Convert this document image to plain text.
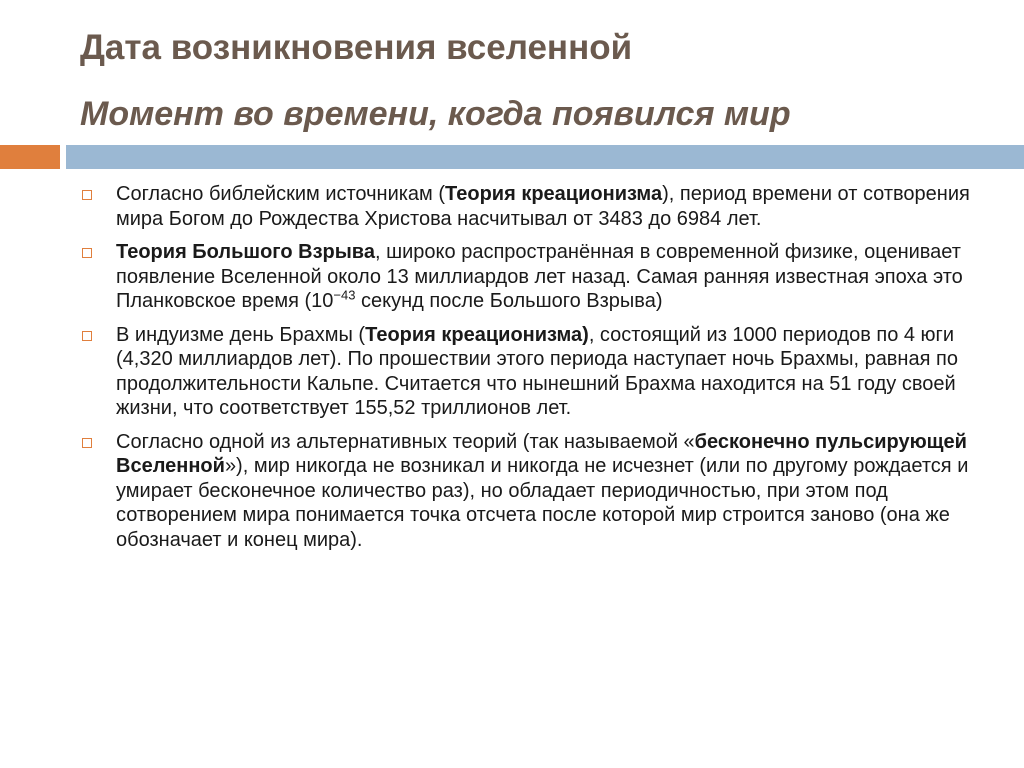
Дата возникновения вселенной
Момент во времени, когда появился мир
Согласно библейским источникам (Теория креационизма), период времени от сотворения мира Богом до Рождества Христова насчитывал от 3483 до 6984 лет.
Теория Большого Взрыва, широко распространённая в современной физике, оценивает появление Вселенной около 13 миллиардов лет назад. Самая ранняя известная эпоха это Планковское время ($10^{-43}$ секунд после Большого Взрыва)
В индуизме день Брахмы (Теория креационизма), состоящий из 1000 периодов по 4 юги (4,320 миллиардов лет). По прошествии этого периода наступает ночь Брахмы, равная по продолжительности Кальпе. Считается что нынешний Брахма находится на 51 году своей жизни, что соответствует 155,52 триллионов лет.
Согласно одной из альтернативных теорий (так называемой «бесконечно пульсирующей Вселенной»), мир никогда не возникал и никогда не исчезнет (или по другому рождается и умирает бесконечное количество раз), но обладает периодичностью, при этом под сотворением мира понимается точка отсчета после которой мир строится заново (она же обозначает и конец мира).
